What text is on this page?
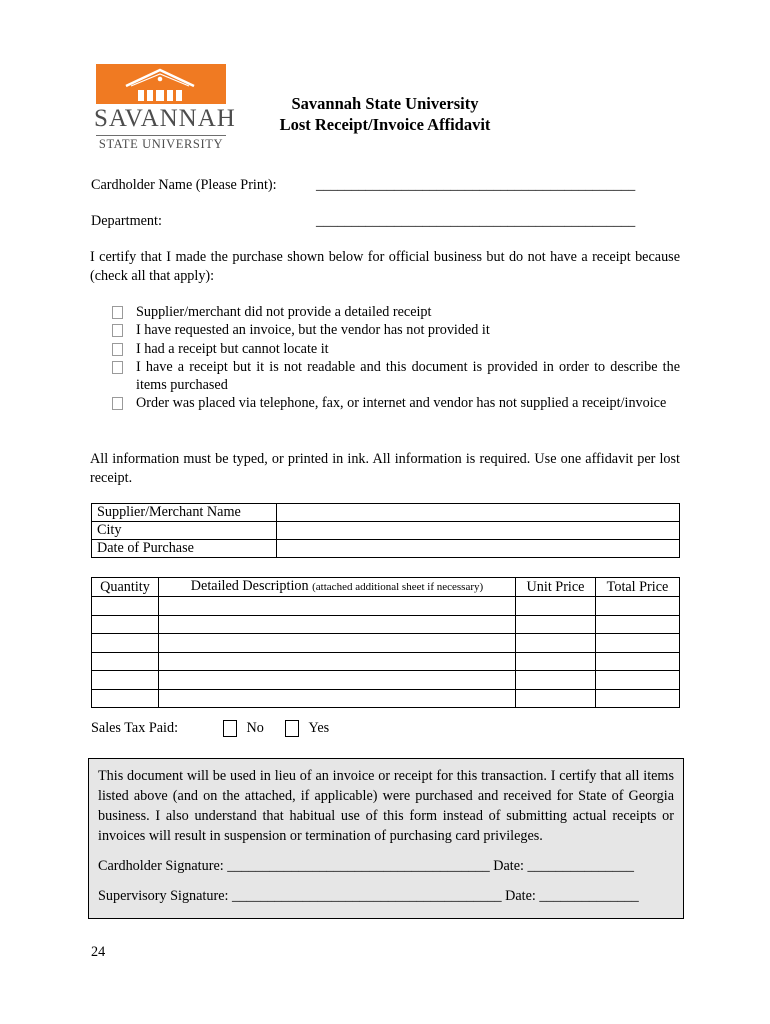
SAVANNAH
STATE UNIVERSITY
Savannah State University
Lost Receipt/Invoice Affidavit
Cardholder Name (Please Print):	_____________________________________________
Department:	_____________________________________________
I certify that I made the purchase shown below for official business but do not have a receipt because (check all that apply):
Supplier/merchant did not provide a detailed receipt
I have requested an invoice, but the vendor has not provided it
I had a receipt but cannot locate it
I have a receipt but it is not readable and this document is provided in order to describe the items purchased
Order was placed via telephone, fax, or internet and vendor has not supplied a receipt/invoice
All information must be typed, or printed in ink. All information is required. Use one affidavit per lost receipt.
Supplier/Merchant Name	
City	
Date of Purchase	
Quantity	Detailed Description (attached additional sheet if necessary)	Unit Price	Total Price

Sales Tax Paid:	No	Yes
This document will be used in lieu of an invoice or receipt for this transaction. I certify that all items listed above (and on the attached, if applicable) were purchased and received for State of Georgia business. I also understand that habitual use of this form instead of submitting actual receipts or invoices will result in suspension or termination of purchasing card privileges.
Cardholder Signature: _____________________________________ Date: _______________
Supervisory Signature: ______________________________________ Date: ______________
24
